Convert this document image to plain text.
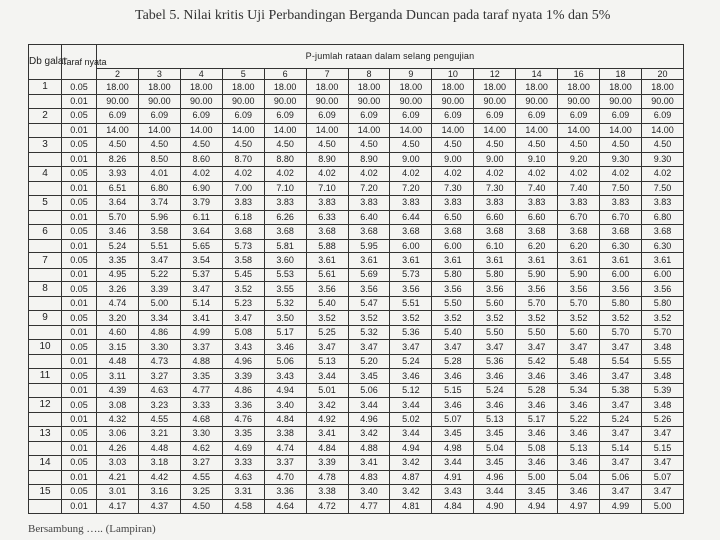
Tabel 5. Nilai kritis Uji Perbandingan Berganda Duncan pada taraf nyata 1% dan 5%
Db galat	Taraf nyata	P-jumlah rataan dalam selang pengujian													
		2	3	4	5	6	7	8	9	10	12	14	16	18	20
1	0.05	18.00	18.00	18.00	18.00	18.00	18.00	18.00	18.00	18.00	18.00	18.00	18.00	18.00	18.00
	0.01	90.00	90.00	90.00	90.00	90.00	90.00	90.00	90.00	90.00	90.00	90.00	90.00	90.00	90.00
2	0.05	6.09	6.09	6.09	6.09	6.09	6.09	6.09	6.09	6.09	6.09	6.09	6.09	6.09	6.09
	0.01	14.00	14.00	14.00	14.00	14.00	14.00	14.00	14.00	14.00	14.00	14.00	14.00	14.00	14.00
3	0.05	4.50	4.50	4.50	4.50	4.50	4.50	4.50	4.50	4.50	4.50	4.50	4.50	4.50	4.50
	0.01	8.26	8.50	8.60	8.70	8.80	8.90	8.90	9.00	9.00	9.00	9.10	9.20	9.30	9.30
4	0.05	3.93	4.01	4.02	4.02	4.02	4.02	4.02	4.02	4.02	4.02	4.02	4.02	4.02	4.02
	0.01	6.51	6.80	6.90	7.00	7.10	7.10	7.20	7.20	7.30	7.30	7.40	7.40	7.50	7.50
5	0.05	3.64	3.74	3.79	3.83	3.83	3.83	3.83	3.83	3.83	3.83	3.83	3.83	3.83	3.83
	0.01	5.70	5.96	6.11	6.18	6.26	6.33	6.40	6.44	6.50	6.60	6.60	6.70	6.70	6.80
6	0.05	3.46	3.58	3.64	3.68	3.68	3.68	3.68	3.68	3.68	3.68	3.68	3.68	3.68	3.68
	0.01	5.24	5.51	5.65	5.73	5.81	5.88	5.95	6.00	6.00	6.10	6.20	6.20	6.30	6.30
7	0.05	3.35	3.47	3.54	3.58	3.60	3.61	3.61	3.61	3.61	3.61	3.61	3.61	3.61	3.61
	0.01	4.95	5.22	5.37	5.45	5.53	5.61	5.69	5.73	5.80	5.80	5.90	5.90	6.00	6.00
8	0.05	3.26	3.39	3.47	3.52	3.55	3.56	3.56	3.56	3.56	3.56	3.56	3.56	3.56	3.56
	0.01	4.74	5.00	5.14	5.23	5.32	5.40	5.47	5.51	5.50	5.60	5.70	5.70	5.80	5.80
9	0.05	3.20	3.34	3.41	3.47	3.50	3.52	3.52	3.52	3.52	3.52	3.52	3.52	3.52	3.52
	0.01	4.60	4.86	4.99	5.08	5.17	5.25	5.32	5.36	5.40	5.50	5.50	5.60	5.70	5.70
10	0.05	3.15	3.30	3.37	3.43	3.46	3.47	3.47	3.47	3.47	3.47	3.47	3.47	3.47	3.48
	0.01	4.48	4.73	4.88	4.96	5.06	5.13	5.20	5.24	5.28	5.36	5.42	5.48	5.54	5.55
11	0.05	3.11	3.27	3.35	3.39	3.43	3.44	3.45	3.46	3.46	3.46	3.46	3.46	3.47	3.48
	0.01	4.39	4.63	4.77	4.86	4.94	5.01	5.06	5.12	5.15	5.24	5.28	5.34	5.38	5.39
12	0.05	3.08	3.23	3.33	3.36	3.40	3.42	3.44	3.44	3.46	3.46	3.46	3.46	3.47	3.48
	0.01	4.32	4.55	4.68	4.76	4.84	4.92	4.96	5.02	5.07	5.13	5.17	5.22	5.24	5.26
13	0.05	3.06	3.21	3.30	3.35	3.38	3.41	3.42	3.44	3.45	3.45	3.46	3.46	3.47	3.47
	0.01	4.26	4.48	4.62	4.69	4.74	4.84	4.88	4.94	4.98	5.04	5.08	5.13	5.14	5.15
14	0.05	3.03	3.18	3.27	3.33	3.37	3.39	3.41	3.42	3.44	3.45	3.46	3.46	3.47	3.47
	0.01	4.21	4.42	4.55	4.63	4.70	4.78	4.83	4.87	4.91	4.96	5.00	5.04	5.06	5.07
15	0.05	3.01	3.16	3.25	3.31	3.36	3.38	3.40	3.42	3.43	3.44	3.45	3.46	3.47	3.47
	0.01	4.17	4.37	4.50	4.58	4.64	4.72	4.77	4.81	4.84	4.90	4.94	4.97	4.99	5.00
Bersambung ….. (Lampiran)
